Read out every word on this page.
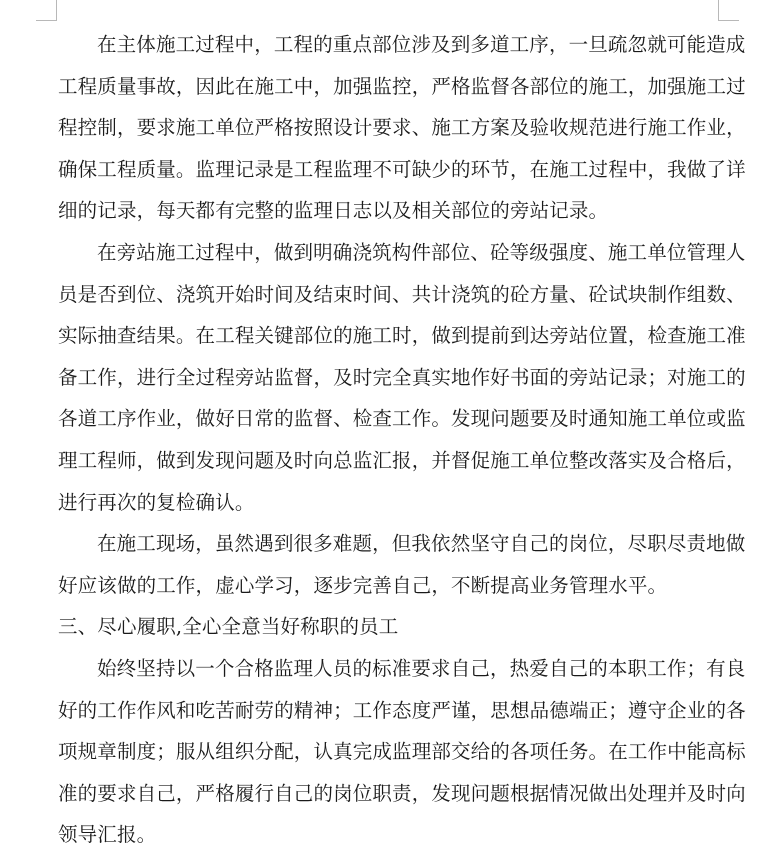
在主体施工过程中，工程的重点部位涉及到多道工序，一旦疏忽就可能造成
工程质量事故，因此在施工中，加强监控，严格监督各部位的施工，加强施工过
程控制，要求施工单位严格按照设计要求、施工方案及验收规范进行施工作业，
确保工程质量。监理记录是工程监理不可缺少的环节，在施工过程中，我做了详
细的记录，每天都有完整的监理日志以及相关部位的旁站记录。
在旁站施工过程中，做到明确浇筑构件部位、砼等级强度、施工单位管理人
员是否到位、浇筑开始时间及结束时间、共计浇筑的砼方量、砼试块制作组数、
实际抽查结果。在工程关键部位的施工时，做到提前到达旁站位置，检查施工准
备工作，进行全过程旁站监督，及时完全真实地作好书面的旁站记录；对施工的
各道工序作业，做好日常的监督、检查工作。发现问题要及时通知施工单位或监
理工程师，做到发现问题及时向总监汇报，并督促施工单位整改落实及合格后，
进行再次的复检确认。
在施工现场，虽然遇到很多难题，但我依然坚守自己的岗位，尽职尽责地做
好应该做的工作，虚心学习，逐步完善自己，不断提高业务管理水平。
三、尽心履职,全心全意当好称职的员工
始终坚持以一个合格监理人员的标准要求自己，热爱自己的本职工作；有良
好的工作作风和吃苦耐劳的精神；工作态度严谨，思想品德端正；遵守企业的各
项规章制度；服从组织分配，认真完成监理部交给的各项任务。在工作中能高标
准的要求自己，严格履行自己的岗位职责，发现问题根据情况做出处理并及时向
领导汇报。
